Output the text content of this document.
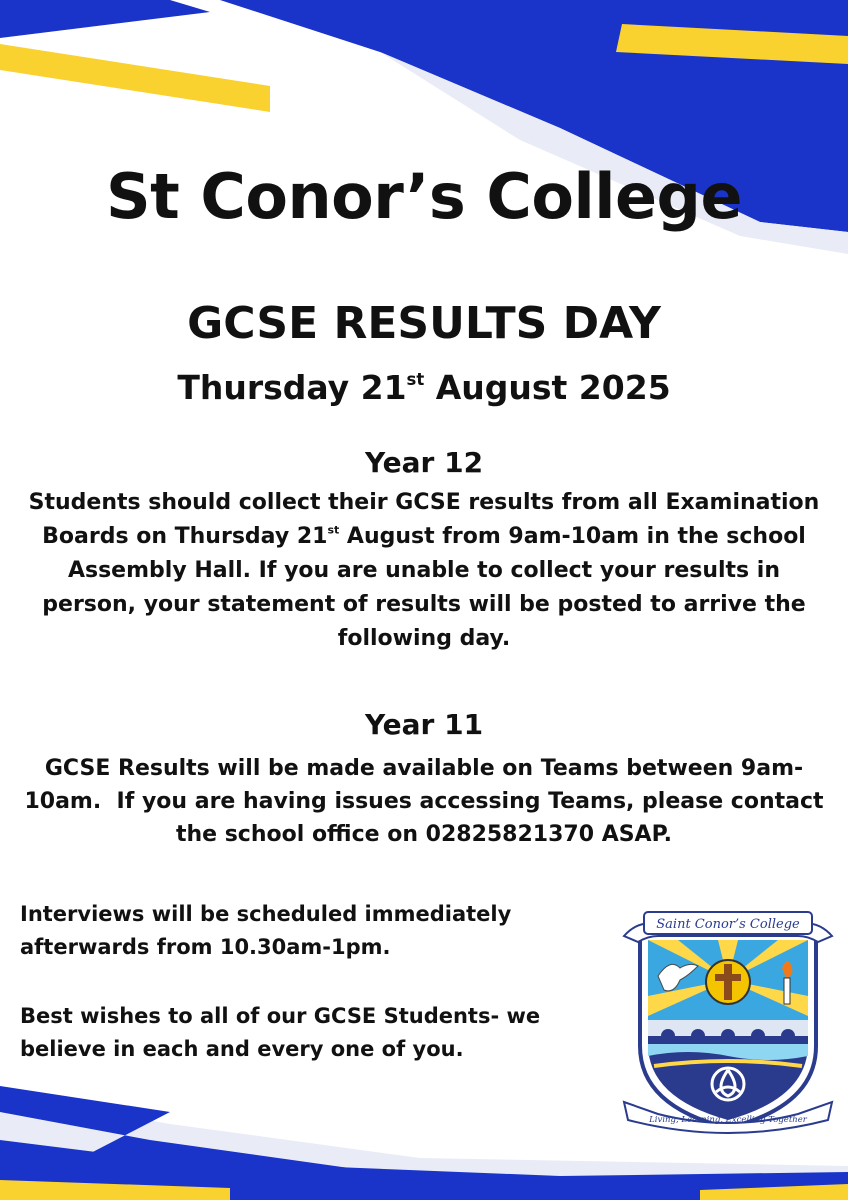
St Conor’s College
GCSE RESULTS DAY
Thursday 21st August 2025
Year 12
Students should collect their GCSE results from all Examination
Boards on Thursday 21st August from 9am-10am in the school
Assembly Hall. If you are unable to collect your results in
person, your statement of results will be posted to arrive the
following day.
Year 11
GCSE Results will be made available on Teams between 9am-
10am.  If you are having issues accessing Teams, please contact
the school office on 02825821370 ASAP.
Interviews will be scheduled immediately
afterwards from 10.30am-1pm.
Best wishes to all of our GCSE Students- we
believe in each and every one of you.
Saint Conor’s College
Living, Learning, Excelling Together
